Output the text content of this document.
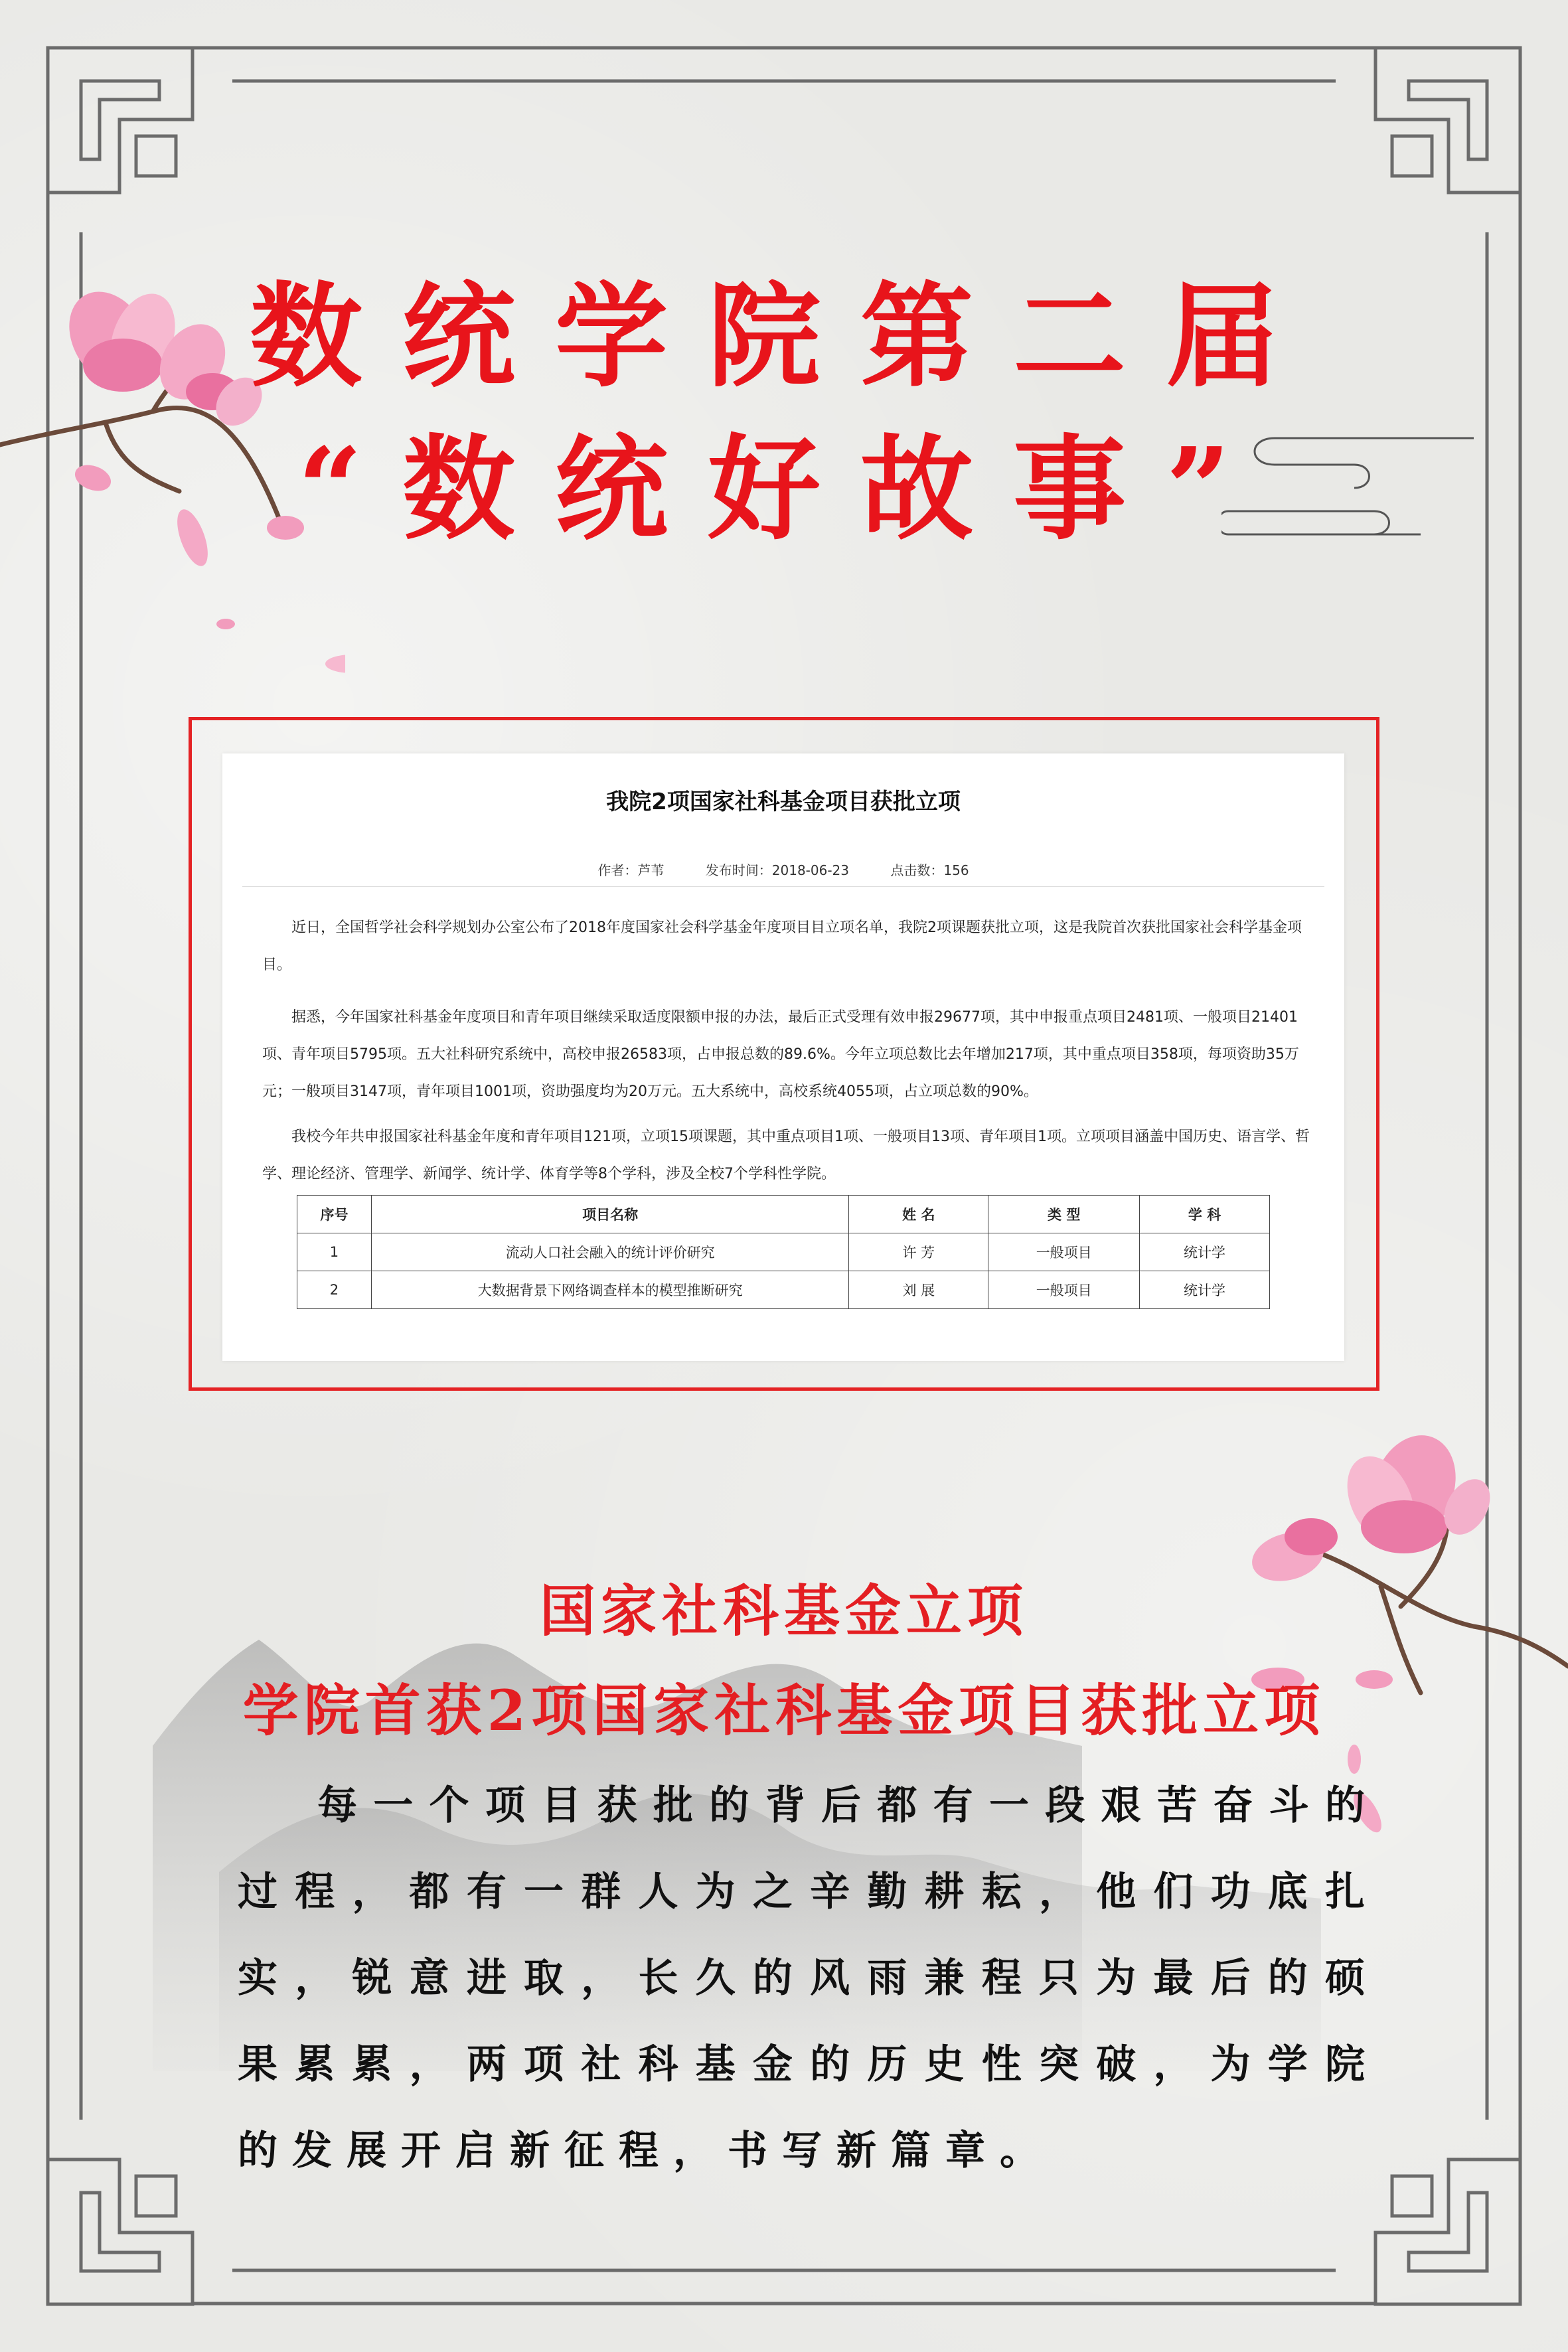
数统学院第二届
“数统好故事”
我院2项国家社科基金项目获批立项
作者：芦苇	发布时间：2018-06-23	点击数：156
近日，全国哲学社会科学规划办公室公布了2018年度国家社会科学基金年度项目目立项名单，我院2项课题获批立项，这是我院首次获批国家社会科学基金项目。
据悉，今年国家社科基金年度项目和青年项目继续采取适度限额申报的办法，最后正式受理有效申报29677项，其中申报重点项目2481项、一般项目21401项、青年项目5795项。五大社科研究系统中，高校申报26583项，占申报总数的89.6%。今年立项总数比去年增加217项，其中重点项目358项，每项资助35万元；一般项目3147项，青年项目1001项，资助强度均为20万元。五大系统中，高校系统4055项，占立项总数的90%。
我校今年共申报国家社科基金年度和青年项目121项，立项15项课题，其中重点项目1项、一般项目13项、青年项目1项。立项项目涵盖中国历史、语言学、哲学、理论经济、管理学、新闻学、统计学、体育学等8个学科，涉及全校7个学科性学院。
序号	项目名称	姓 名	类 型	学 科
1	流动人口社会融入的统计评价研究	许 芳	一般项目	统计学
2	大数据背景下网络调查样本的模型推断研究	刘 展	一般项目	统计学
国家社科基金立项
学院首获2项国家社科基金项目获批立项
每一个项目获批的背后都有一段艰苦奋斗的过程，都有一群人为之辛勤耕耘，他们功底扎实，锐意进取，长久的风雨兼程只为最后的硕果累累，两项社科基金的历史性突破，为学院的发展开启新征程，书写新篇章。
